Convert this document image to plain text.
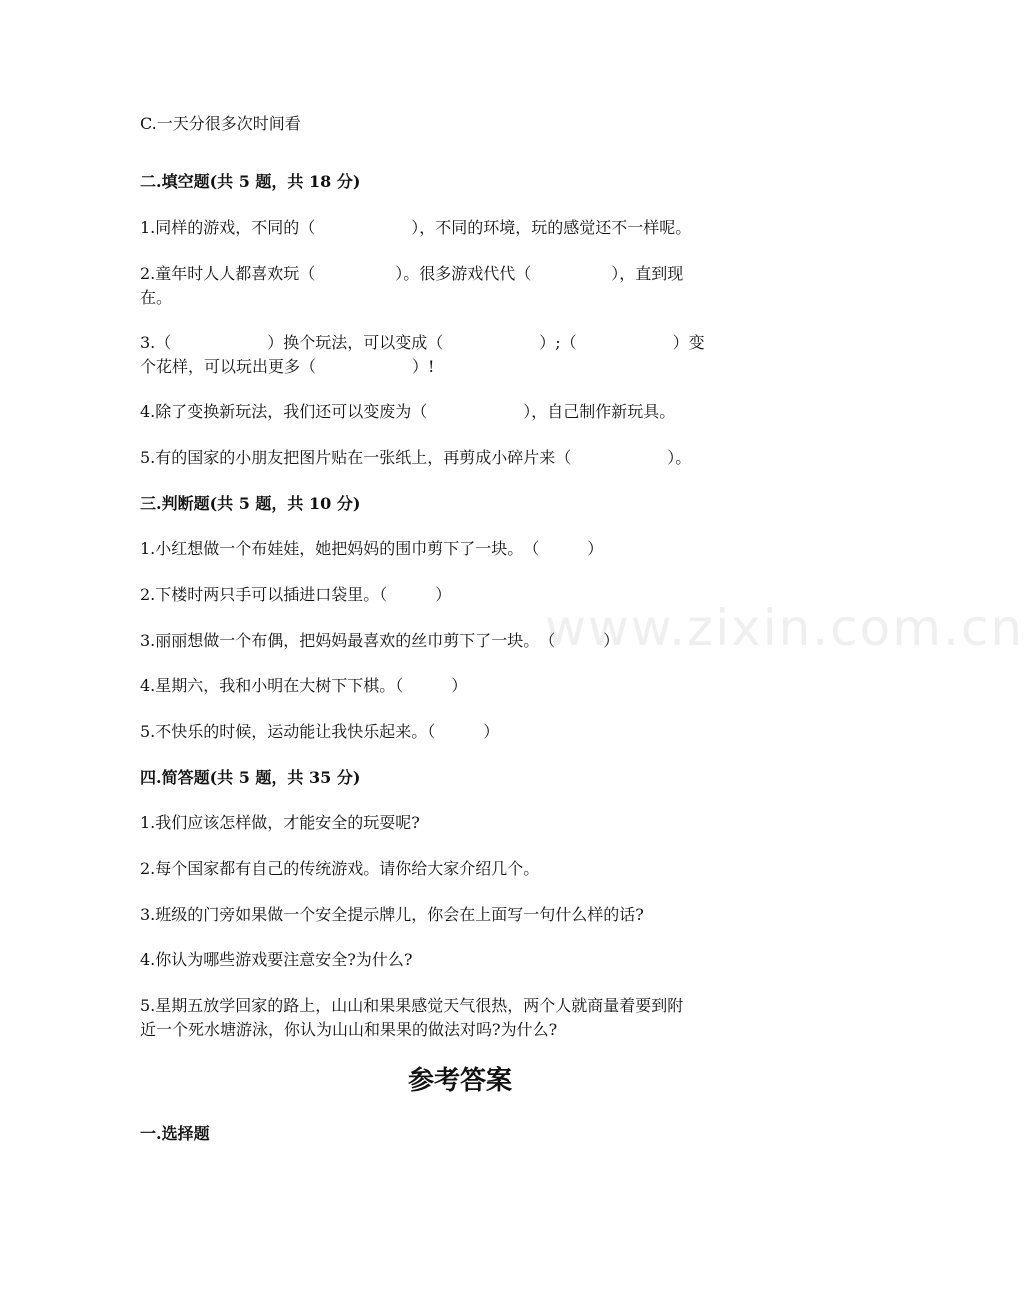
www.zixin.com.cn
C.一天分很多次时间看
二.填空题(共 5 题，共 18 分)
1.同样的游戏，不同的（　　　　　　），不同的环境，玩的感觉还不一样呢。
2.童年时人人都喜欢玩（　　　　　）。很多游戏代代（　　　　　），直到现
在。
3.（　　　　　　）换个玩法，可以变成（　　　　　　）;（　　　　　　）变
个花样，可以玩出更多（　　　　　　）!
4.除了变换新玩法，我们还可以变废为（　　　　　　），自己制作新玩具。
5.有的国家的小朋友把图片贴在一张纸上，再剪成小碎片来（　　　　　　）。
三.判断题(共 5 题，共 10 分)
1.小红想做一个布娃娃，她把妈妈的围巾剪下了一块。　（　　　）
2.下楼时两只手可以插进口袋里。（　　　）
3.丽丽想做一个布偶，把妈妈最喜欢的丝巾剪下了一块。　（　　　）
4.星期六，我和小明在大树下下棋。（　　　）
5.不快乐的时候，运动能让我快乐起来。（　　　）
四.简答题(共 5 题，共 35 分)
1.我们应该怎样做，才能安全的玩耍呢?
2.每个国家都有自己的传统游戏。请你给大家介绍几个。
3.班级的门旁如果做一个安全提示牌儿，你会在上面写一句什么样的话?
4.你认为哪些游戏要注意安全?为什么?
5.星期五放学回家的路上，山山和果果感觉天气很热，两个人就商量着要到附
近一个死水塘游泳，你认为山山和果果的做法对吗?为什么?
参考答案
一.选择题
